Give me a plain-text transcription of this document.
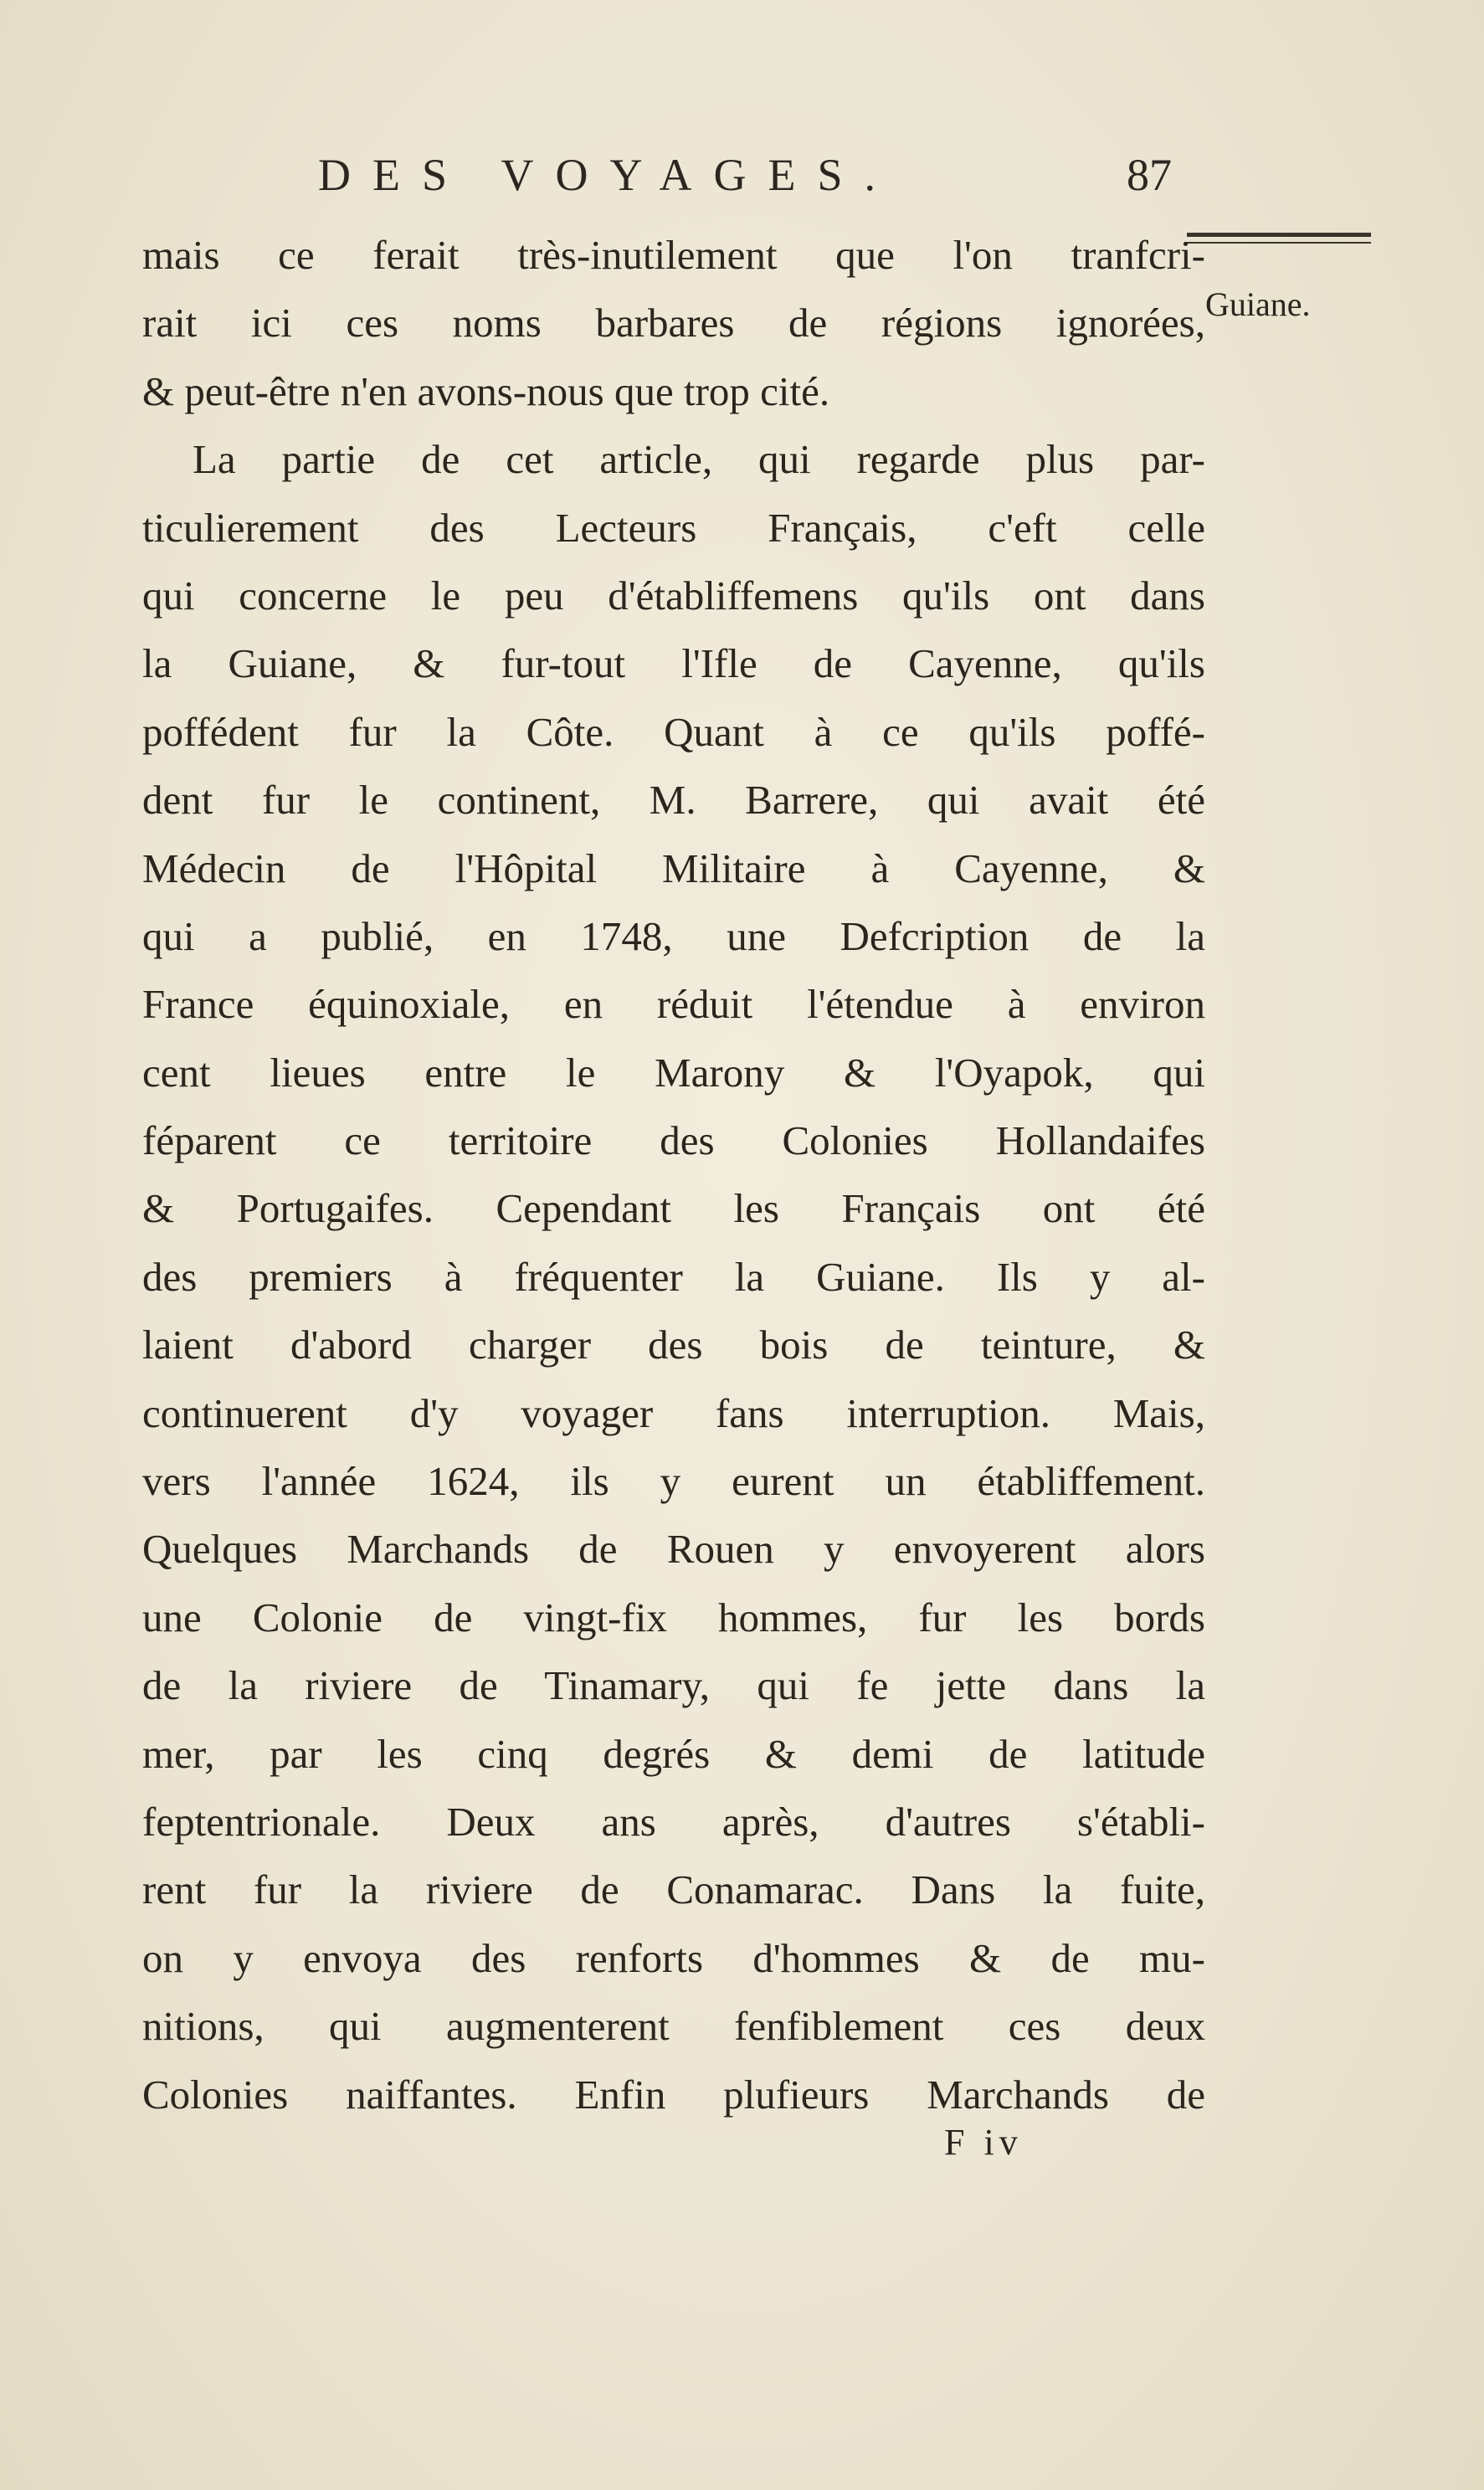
DES VOYAGES.	87
Guiane.
mais ce ferait très-inutilement que l'on tranfcri-
rait ici ces noms barbares de régions ignorées,
& peut-être n'en avons-nous que trop cité.
La partie de cet article, qui regarde plus par-
ticulierement des Lecteurs Français, c'eft celle
qui concerne le peu d'établiffemens qu'ils ont dans
la Guiane, & fur-tout l'Ifle de Cayenne, qu'ils
poffédent fur la Côte. Quant à ce qu'ils poffé-
dent fur le continent, M. Barrere, qui avait été
Médecin de l'Hôpital Militaire à Cayenne, &
qui a publié, en 1748, une Defcription de la
France équinoxiale, en réduit l'étendue à environ
cent lieues entre le Marony & l'Oyapok, qui
féparent ce territoire des Colonies Hollandaifes
& Portugaifes. Cependant les Français ont été
des premiers à fréquenter la Guiane. Ils y al-
laient d'abord charger des bois de teinture, &
continuerent d'y voyager fans interruption. Mais,
vers l'année 1624, ils y eurent un établiffement.
Quelques Marchands de Rouen y envoyerent alors
une Colonie de vingt-fix hommes, fur les bords
de la riviere de Tinamary, qui fe jette dans la
mer, par les cinq degrés & demi de latitude
feptentrionale. Deux ans après, d'autres s'établi-
rent fur la riviere de Conamarac. Dans la fuite,
on y envoya des renforts d'hommes & de mu-
nitions, qui augmenterent fenfiblement ces deux
Colonies naiffantes. Enfin plufieurs Marchands de
F iv
